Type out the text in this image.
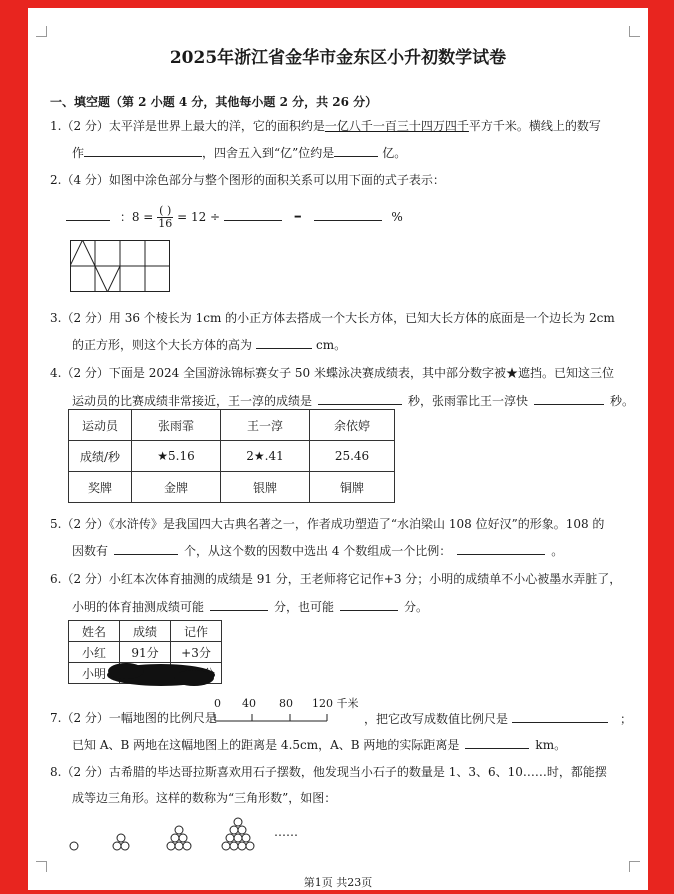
2025年浙江省金华市金东区小升初数学试卷
一、填空题（第 2 小题 4 分，其他每小题 2 分，共 26 分）
1.（2 分）太平洋是世界上最大的洋，它的面积约是一亿八千一百三十四万四千平方千米。横线上的数写
作	，四舍五入到“亿”位约是	亿。
2.（4 分）如图中涂色部分与整个图形的面积关系可以用下面的式子表示：
：$8 = \frac{( )}{16} = 12$ ÷	–	%
3.（2 分）用 36 个棱长为 1cm 的小正方体去搭成一个大长方体，已知大长方体的底面是一个边长为 2cm
的正方形，则这个大长方体的高为	cm。
4.（2 分）下面是 2024 全国游泳锦标赛女子 50 米蝶泳决赛成绩表，其中部分数字被★遮挡。已知这三位
运动员的比赛成绩非常接近，王一淳的成绩是	秒，张雨霏比王一淳快	秒。
运动员	张雨霏	王一淳	余依婷
成绩/秒	★5.16	2★.41	25.46
奖牌	金牌	银牌	铜牌
5.（2 分）《水浒传》是我国四大古典名著之一，作者成功塑造了“水泊梁山 108 位好汉”的形象。108 的
因数有	个，从这个数的因数中选出 4 个数组成一个比例：	。
6.（2 分）小红本次体育抽测的成绩是 91 分，王老师将它记作+3 分；小明的成绩单不小心被墨水弄脏了，
小明的体育抽测成绩可能	分，也可能	分。
姓名	成绩	记作
小红	91分	+3分
小明		
7.（2 分）一幅地图的比例尺是
0 40 80 120 千米
，把它改写成数值比例尺是	；
已知 A、B 两地在这幅地图上的距离是 4.5cm，A、B 两地的实际距离是	km。
8.（2 分）古希腊的毕达哥拉斯喜欢用石子摆数，他发现当小石子的数量是 1、3、6、10……时，都能摆
成等边三角形。这样的数称为“三角形数”，如图：
……
第1页 共23页
